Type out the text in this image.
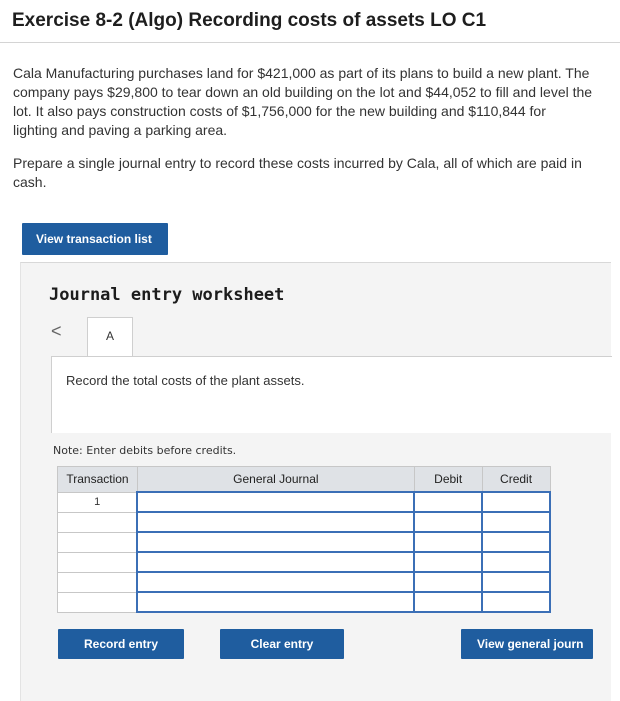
Exercise 8-2 (Algo) Recording costs of assets LO C1
Cala Manufacturing purchases land for $421,000 as part of its plans to build a new plant. The company pays $29,800 to tear down an old building on the lot and $44,052 to fill and level the lot. It also pays construction costs of $1,756,000 for the new building and $110,844 for lighting and paving a parking area.
Prepare a single journal entry to record these costs incurred by Cala, all of which are paid in cash.
View transaction list
Journal entry worksheet
<	A
Record the total costs of the plant assets.
Note: Enter debits before credits.
Transaction	General Journal	Debit	Credit
1			

Record entry	Clear entry	View general journ
